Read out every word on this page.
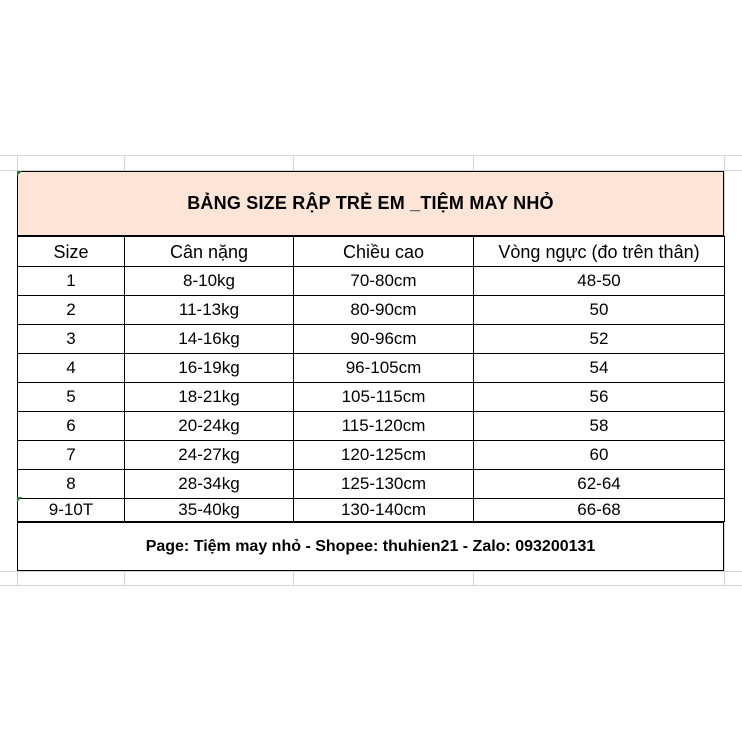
BẢNG SIZE RẬP TRẺ EM _TIỆM MAY NHỎ
Size	Cân nặng	Chiều cao	Vòng ngực (đo trên thân)
1	8-10kg	70-80cm	48-50
2	11-13kg	80-90cm	50
3	14-16kg	90-96cm	52
4	16-19kg	96-105cm	54
5	18-21kg	105-115cm	56
6	20-24kg	115-120cm	58
7	24-27kg	120-125cm	60
8	28-34kg	125-130cm	62-64
9-10T	35-40kg	130-140cm	66-68
Page: Tiệm may nhỏ - Shopee: thuhien21 - Zalo: 093200131
